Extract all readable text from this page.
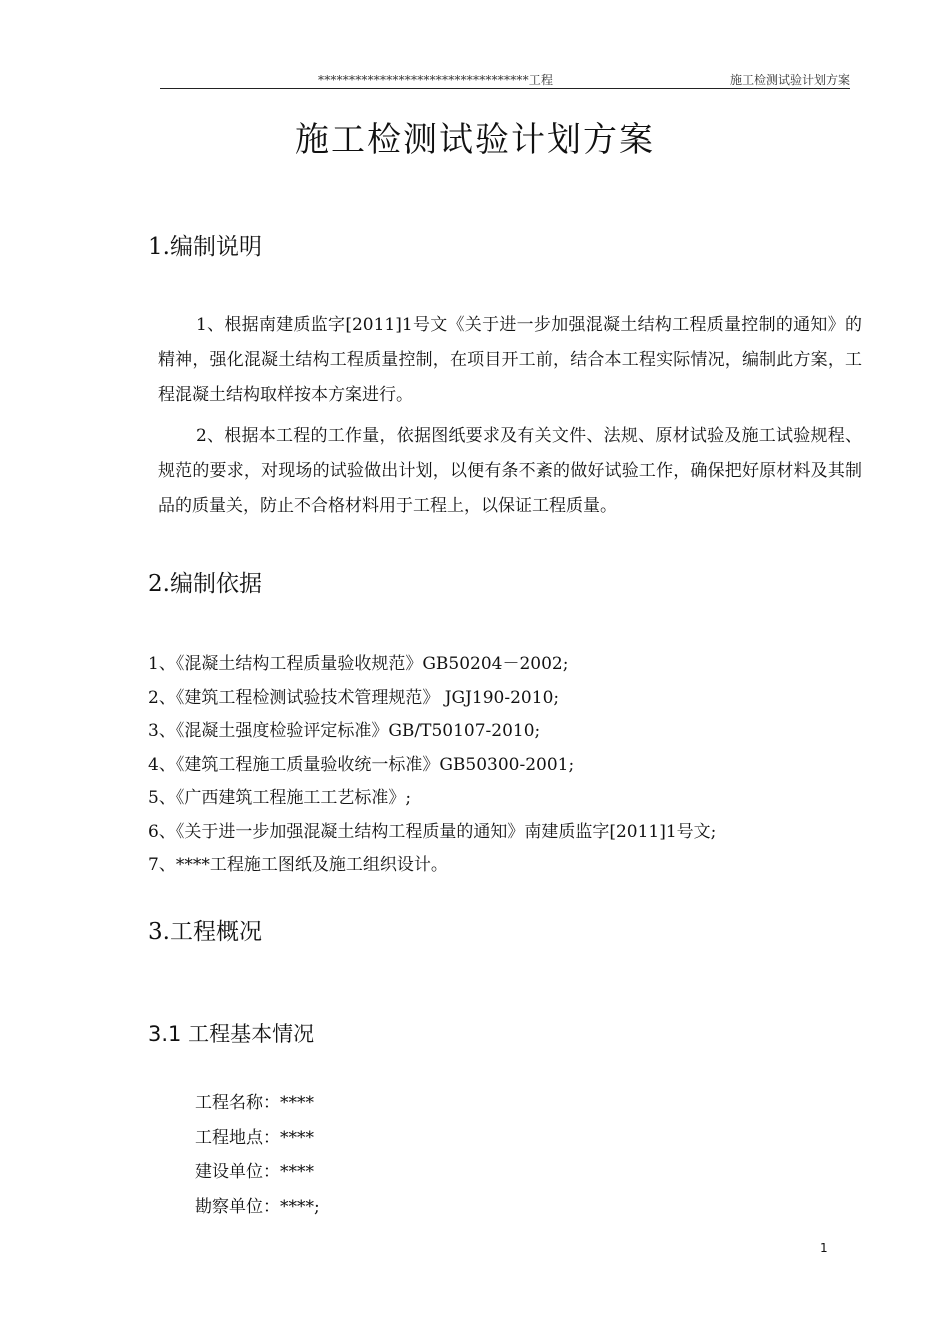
**********************************工程	施工检测试验计划方案
施工检测试验计划方案
1.编制说明

1、根据南建质监字[2011]1号文《关于进一步加强混凝土结构工程质量控制的通知》的精神，强化混凝土结构工程质量控制，在项目开工前，结合本工程实际情况，编制此方案，工程混凝土结构取样按本方案进行。

2、根据本工程的工作量，依据图纸要求及有关文件、法规、原材试验及施工试验规程、规范的要求，对现场的试验做出计划，以便有条不紊的做好试验工作，确保把好原材料及其制品的质量关，防止不合格材料用于工程上，以保证工程质量。

2.编制依据
1、《混凝土结构工程质量验收规范》GB50204－2002;
2、《建筑工程检测试验技术管理规范》 JGJ190-2010;
3、《混凝土强度检验评定标准》GB/T50107-2010;
4、《建筑工程施工质量验收统一标准》GB50300-2001;
5、《广西建筑工程施工工艺标准》;
6、《关于进一步加强混凝土结构工程质量的通知》南建质监字[2011]1号文;
7、****工程施工图纸及施工组织设计。
3.工程概况
3.1 工程基本情况
工程名称：****
工程地点：****
建设单位：****
勘察单位：****;
1
